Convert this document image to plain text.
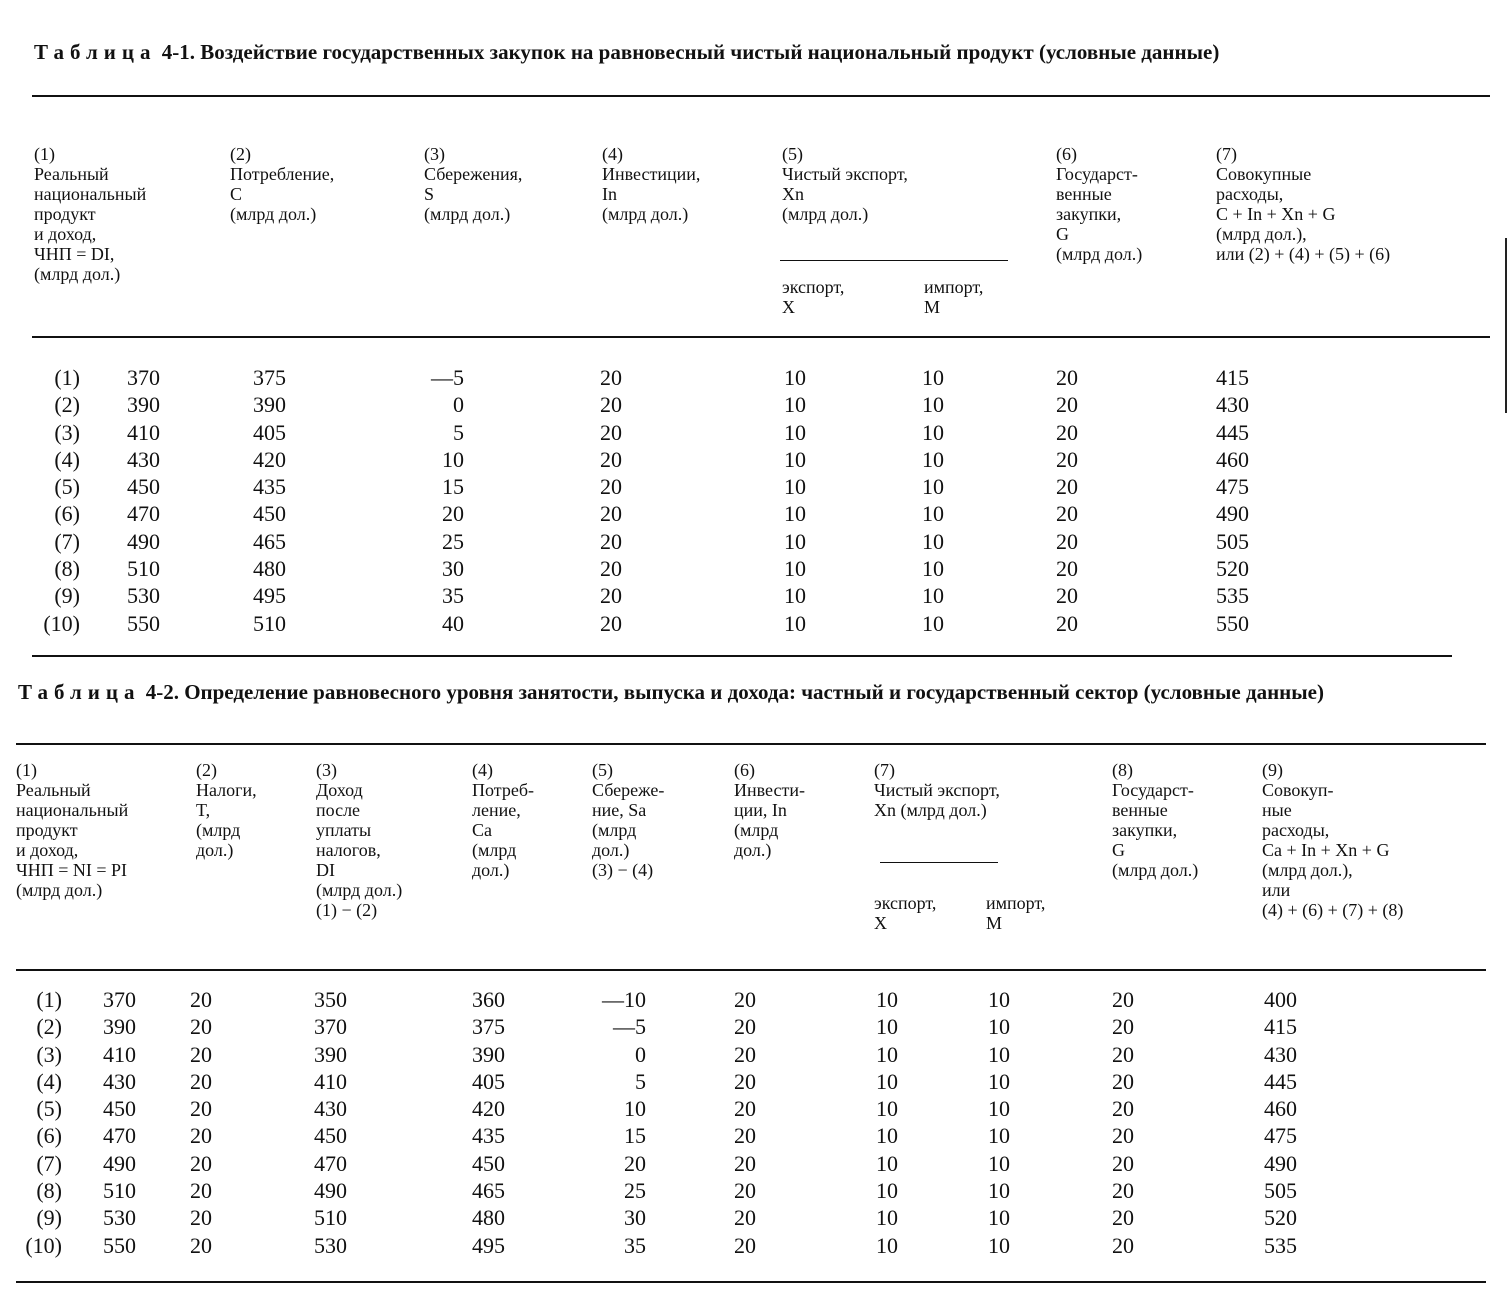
Таблица 4-1. Воздействие государственных закупок на равновесный чистый национальный продукт (условные данные)
(1)
Реальный
национальный
продукт
и доход,
ЧНП = DI,
(млрд дол.)
(2)
Потребление,
C
(млрд дол.)
(3)
Сбережения,
S
(млрд дол.)
(4)
Инвестиции,
In
(млрд дол.)
(5)
Чистый экспорт,
Xn
(млрд дол.)
(6)
Государст-
венные
закупки,
G
(млрд дол.)
(7)
Совокупные
расходы,
C + In + Xn + G
(млрд дол.),
или (2) + (4) + (5) + (6)
экспорт,
X
импорт,
M
(1)
(2)
(3)
(4)
(5)
(6)
(7)
(8)
(9)
(10)
370
390
410
430
450
470
490
510
530
550
375
390
405
420
435
450
465
480
495
510
—5
0
5
10
15
20
25
30
35
40
20
20
20
20
20
20
20
20
20
20
10
10
10
10
10
10
10
10
10
10
10
10
10
10
10
10
10
10
10
10
20
20
20
20
20
20
20
20
20
20
415
430
445
460
475
490
505
520
535
550
Таблица 4-2. Определение равновесного уровня занятости, выпуска и дохода: частный и государственный сектор (условные данные)
(1)
Реальный
национальный
продукт
и доход,
ЧНП = NI = PI
(млрд дол.)
(2)
Налоги,
T,
(млрд
дол.)
(3)
Доход
после
уплаты
налогов,
DI
(млрд дол.)
(1) − (2)
(4)
Потреб-
ление,
Ca
(млрд
дол.)
(5)
Сбереже-
ние, Sa
(млрд
дол.)
(3) − (4)
(6)
Инвести-
ции, In
(млрд
дол.)
(7)
Чистый экспорт,
Xn (млрд дол.)
(8)
Государст-
венные
закупки,
G
(млрд дол.)
(9)
Совокуп-
ные
расходы,
Ca + In + Xn + G
(млрд дол.),
или
(4) + (6) + (7) + (8)
экспорт,
X
импорт,
M
(1)
(2)
(3)
(4)
(5)
(6)
(7)
(8)
(9)
(10)
370
390
410
430
450
470
490
510
530
550
20
20
20
20
20
20
20
20
20
20
350
370
390
410
430
450
470
490
510
530
360
375
390
405
420
435
450
465
480
495
—10
—5
0
5
10
15
20
25
30
35
20
20
20
20
20
20
20
20
20
20
10
10
10
10
10
10
10
10
10
10
10
10
10
10
10
10
10
10
10
10
20
20
20
20
20
20
20
20
20
20
400
415
430
445
460
475
490
505
520
535
